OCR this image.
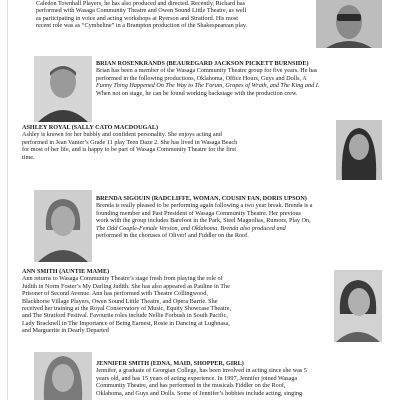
Caledon Townhall Players, he has also produced and directed. Recently, Richard has
performed with Wasaga Community Theatre and Owen Sound Little Theatre, as well
as participating in voice and acting workshops at Ryerson and Stratford. His most
recent role was as “Cymbeline” in a Brampton production of the Shakespearean play.
BRIAN ROSENKRANDS (BEAUREGARD JACKSON PICKETT BURNSIDE)
Brian has been a member of the Wasaga Community Theatre group for five years. He has
performed in the following productions, Oklahoma, Office Hours, Guys and Dolls, A
Funny Thing Happened On The Way to The Forum, Grapes of Wrath, and The King and I.
When not on stage, he can be found working backstage with the production crew.
ASHLEY ROYAL (SALLY CATO MACDOUGAL)
Ashley is known for her bubbly and confident personality. She enjoys acting and
performed in Jean Vanier’s Grade 11 play Teen Daze 2. She has lived in Wasaga Beach
for most of her life, and is happy to be part of Wasaga Community Theatre for the first
time.
BRENDA SIGOUIN (RADCLIFFE, WOMAN, COUSIN FAN, DORIS UPSON)
Brenda is really pleased to be performing again following a two year break. Brenda is a
founding member and Past President of Wasaga Community Theatre. Her previous
work with the group includes Barefoot in the Park, Steel Magnolias, Rumors, Play On,
The Odd Couple-Female Version, and Oklahoma. Brenda also produced and
performed in the choruses of Oliver! and Fiddler on the Roof.
ANN SMITH (AUNTIE MAME)
Ann returns to Wasaga Community Theatre’s stage fresh from playing the role of
Judith in Norm Foster’s My Darling Judith. She has also appeared as Pauline in The
Prisoner of Second Avenue. Ann has performed with Theatre Collingwood,
Blackhorse Village Players, Owen Sound Little Theatre, and Opera Barrie. She
received her training at the Royal Conservatory of Music, Equity Showcase Theatre,
and The Stratford Festival. Favourite roles include Nellie Forbush in South Pacific,
Lady Bracknell in The Importance of Being Earnest, Rosie in Dancing at Lughnasa,
and Marguerite in Dearly Departed
JENNIFER SMITH (EDNA, MAID, SHOPPER, GIRL)
Jennifer, a graduate of Georgian College, has been involved in acting since she was 5
years old, and has 15 years of acting experience. In 1997, Jennifer joined Wasaga
Community Theatre, and has performed in the musicals Fiddler on the Roof,
Oklahoma, and Guys and Dolls. Some of Jennifer’s hobbies include acting, singing
